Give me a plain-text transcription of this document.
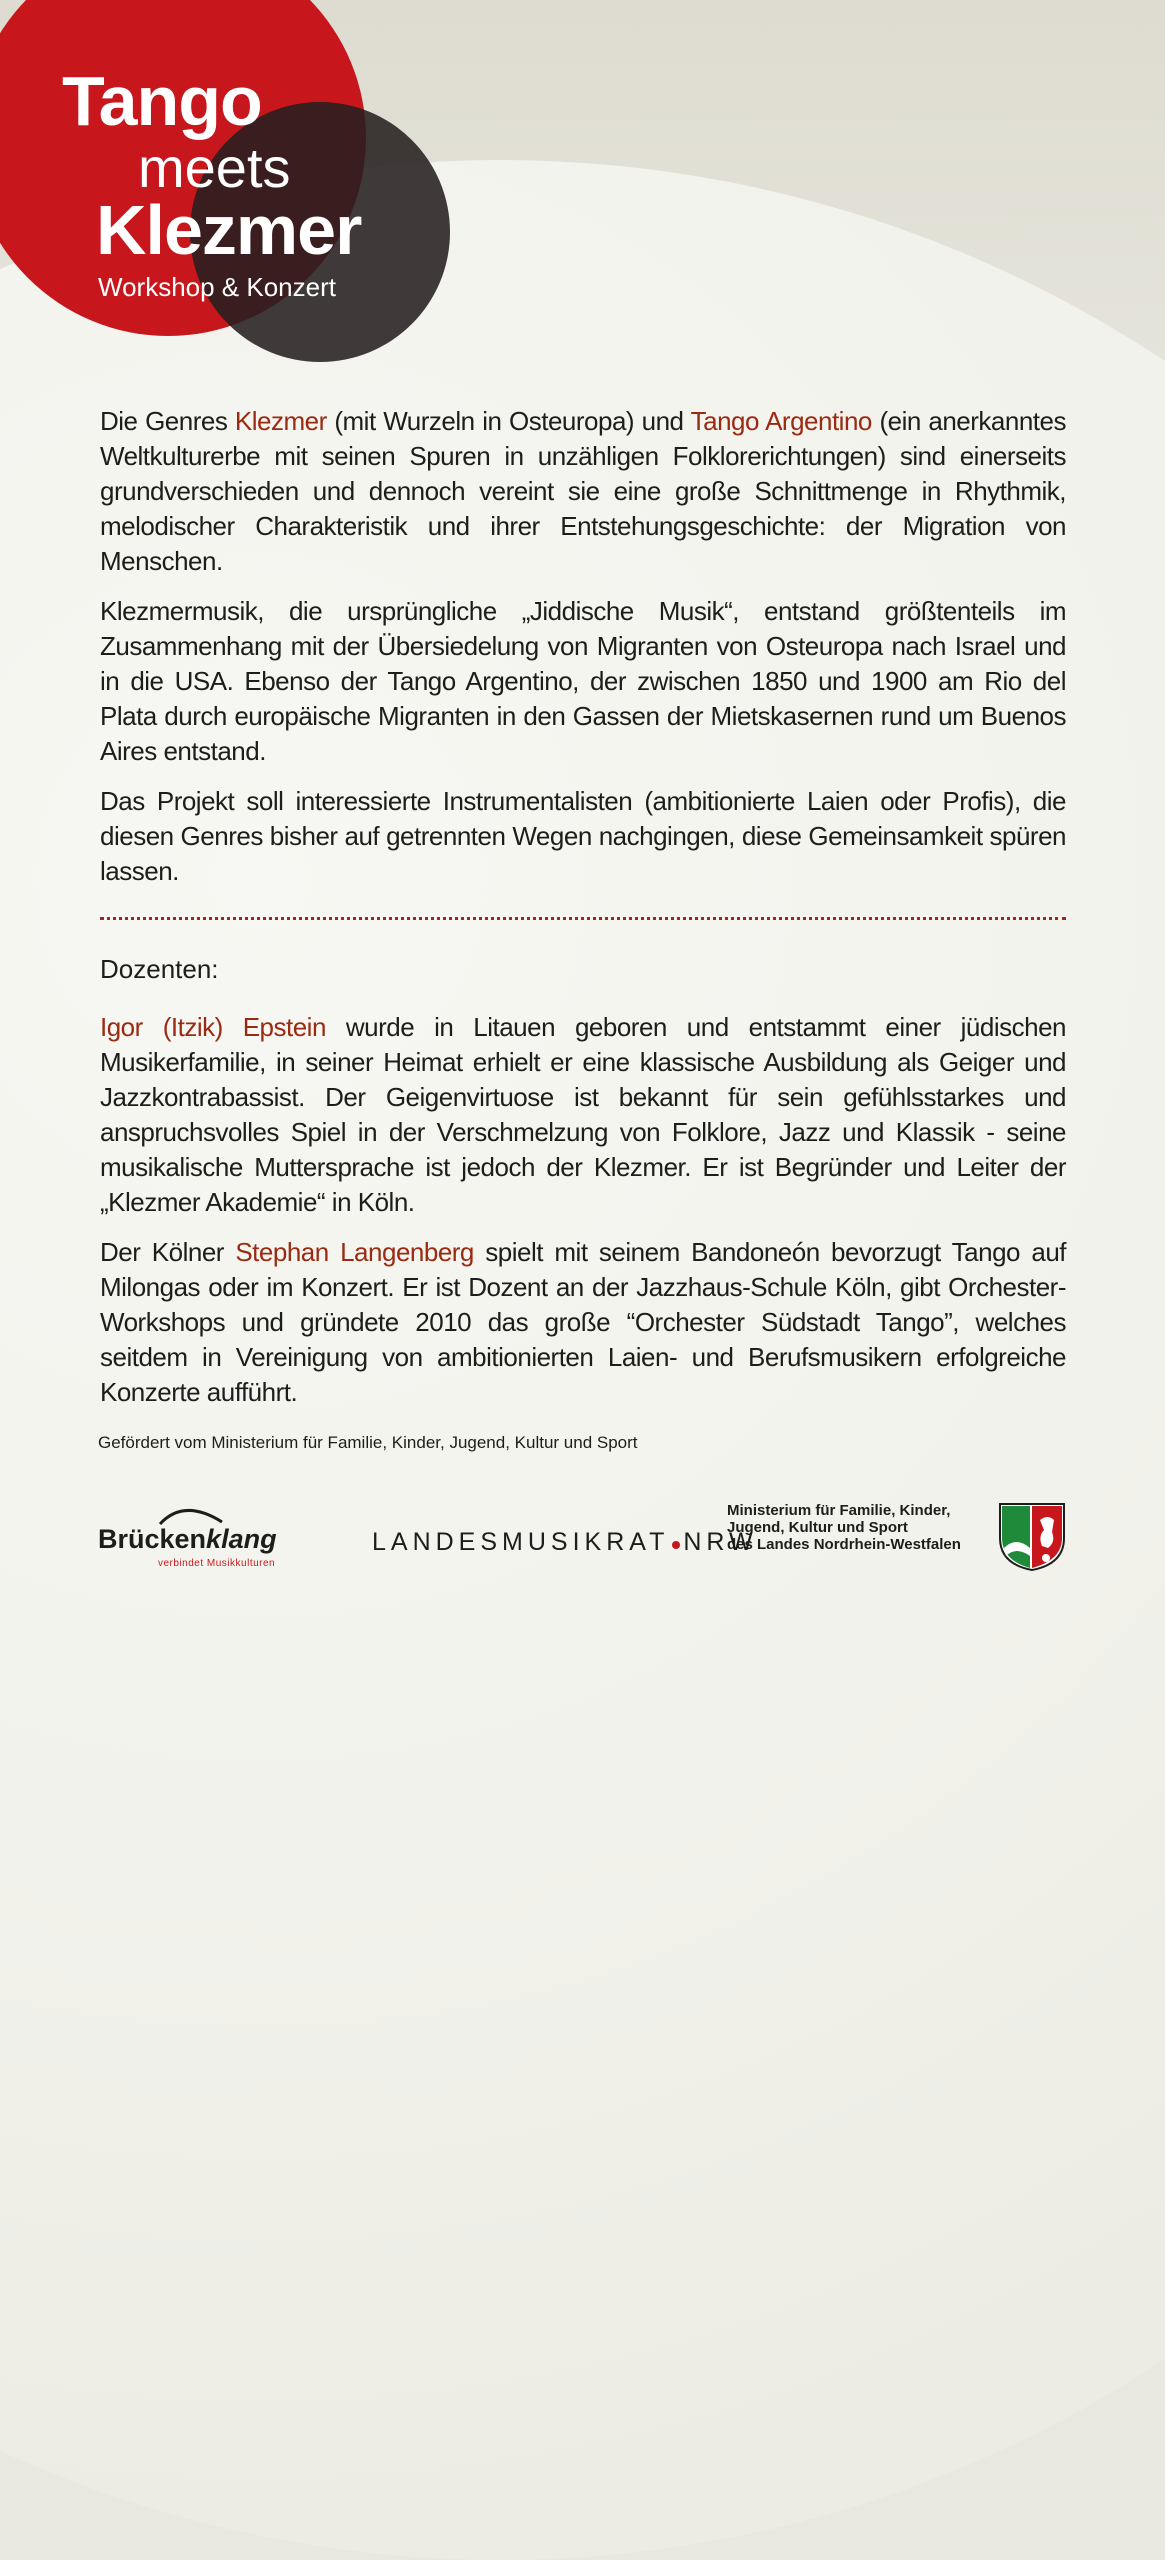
Tango
meets
Klezmer
Workshop & Konzert

Die Genres Klezmer (mit Wurzeln in Osteuropa) und Tango Argentino (ein anerkanntes Weltkulturerbe mit seinen Spuren in unzähligen Folklorerichtungen) sind einerseits grundverschieden und dennoch vereint sie eine große Schnittmenge in Rhythmik, melodischer Charakteristik und ihrer Entstehungsgeschichte: der Migration von Menschen.

Klezmermusik, die ursprüngliche „Jiddische Musik“, entstand größtenteils im Zusammenhang mit der Übersiedelung von Migranten von Osteuropa nach Israel und in die USA. Ebenso der Tango Argentino, der zwischen 1850 und 1900 am Rio del Plata durch europäische Migranten in den Gassen der Mietskasernen rund um Buenos Aires entstand.

Das Projekt soll interessierte Instrumentalisten (ambitionierte Laien oder Profis), die diesen Genres bisher auf getrennten Wegen nachgingen, diese Gemeinsamkeit spüren lassen.

Dozenten:

Igor (Itzik) Epstein wurde in Litauen geboren und entstammt einer jüdischen Musikerfamilie, in seiner Heimat erhielt er eine klassische Ausbildung als Geiger und Jazzkontrabassist. Der Geigenvirtuose ist bekannt für sein gefühlsstarkes und anspruchsvolles Spiel in der Verschmelzung von Folklore, Jazz und Klassik - seine musikalische Muttersprache ist jedoch der Klezmer. Er ist Begründer und Leiter der „Klezmer Akademie“ in Köln.

Der Kölner Stephan Langenberg spielt mit seinem Bandoneón bevorzugt Tango auf Milongas oder im Konzert. Er ist Dozent an der Jazzhaus-Schule Köln, gibt Orchester-Workshops und gründete 2010 das große “Orchester Südstadt Tango”, welches seitdem in Vereinigung von ambitionierten Laien- und Berufsmusikern erfolgreiche Konzerte aufführt.

Gefördert vom Ministerium für Familie, Kinder, Jugend, Kultur und Sport
Brückenklang
verbindet Musikkulturen
LANDESMUSIKRAT NRW
Ministerium für Familie, Kinder,
Jugend, Kultur und Sport
des Landes Nordrhein-Westfalen
